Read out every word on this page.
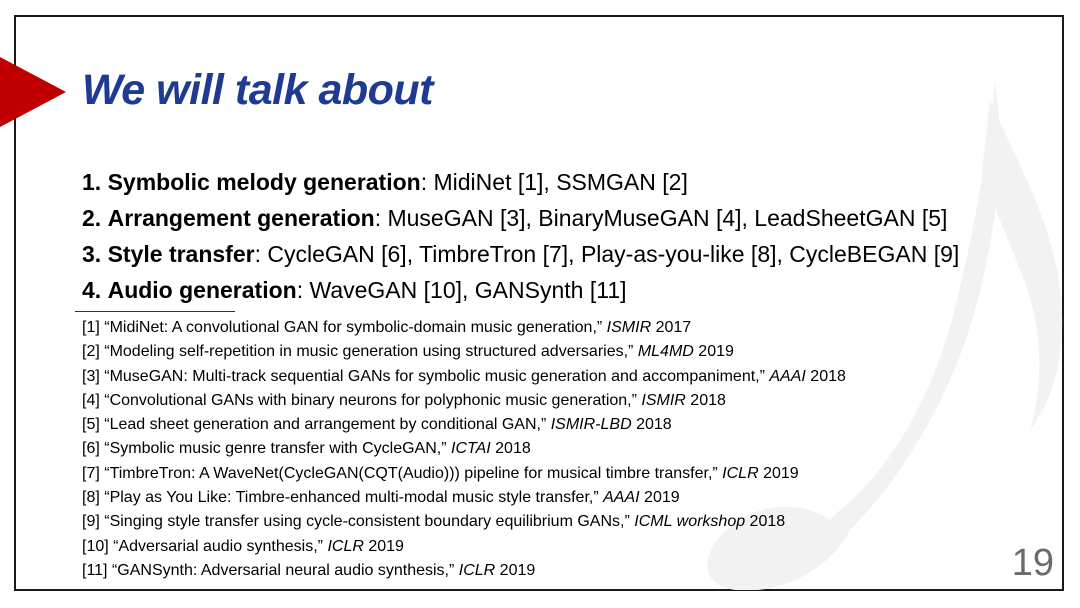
We will talk about
1. Symbolic melody generation: MidiNet [1], SSMGAN [2]
2. Arrangement generation: MuseGAN [3], BinaryMuseGAN [4], LeadSheetGAN [5]
3. Style transfer: CycleGAN [6], TimbreTron [7], Play-as-you-like [8], CycleBEGAN [9]
4. Audio generation: WaveGAN [10], GANSynth [11]
[1] “MidiNet: A convolutional GAN for symbolic-domain music generation,” ISMIR 2017
[2] “Modeling self-repetition in music generation using structured adversaries,” ML4MD 2019
[3] “MuseGAN: Multi-track sequential GANs for symbolic music generation and accompaniment,” AAAI 2018
[4] “Convolutional GANs with binary neurons for polyphonic music generation,” ISMIR 2018
[5] “Lead sheet generation and arrangement by conditional GAN,” ISMIR-LBD 2018
[6] “Symbolic music genre transfer with CycleGAN,” ICTAI 2018
[7] “TimbreTron: A WaveNet(CycleGAN(CQT(Audio))) pipeline for musical timbre transfer,” ICLR 2019
[8] “Play as You Like: Timbre-enhanced multi-modal music style transfer,” AAAI 2019
[9] “Singing style transfer using cycle-consistent boundary equilibrium GANs,” ICML workshop 2018
[10] “Adversarial audio synthesis,” ICLR 2019
[11] “GANSynth: Adversarial neural audio synthesis,” ICLR 2019	19
